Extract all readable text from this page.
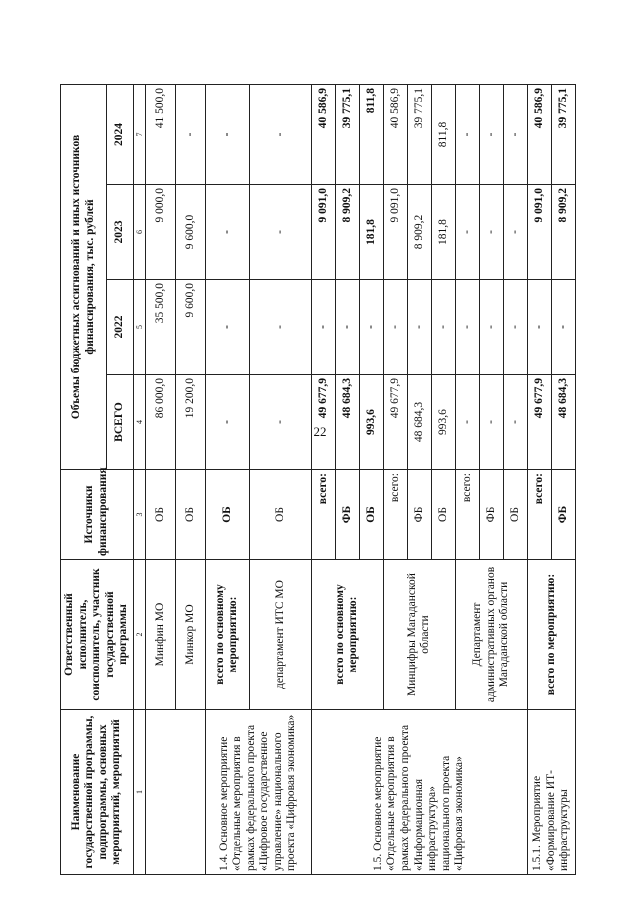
22
Наименование государственной программы, подпрограммы, основных мероприятий, мероприятий	Ответственный исполнитель, соисполнитель, участник государственной программы	Источники финансирования	Объемы бюджетных ассигнований и иных источников финансирования, тыс. рублей			
			ВСЕГО	2022	2023	2024
1	2	3	4	5	6	7
	Минфин МО	ОБ	86 000,0	35 500,0	9 000,0	41 500,0
	Минкор МО	ОБ	19 200,0	9 600,0	9 600,0	-
1.4. Основное мероприятие «Отдельные мероприятия в рамках федерального проекта «Цифровое государственное управление» национального проекта «Цифровая экономика»	всего по основному мероприятию:	ОБ	-	-	-	-
	департамент ИТС МО	ОБ	-	-	-	-
1.5. Основное мероприятие «Отдельные мероприятия в рамках федерального проекта «Информационная инфраструктура» национального проекта «Цифровая экономика»	всего по основному мероприятию:	всего:	49 677,9	-	9 091,0	40 586,9
		ФБ	48 684,3	-	8 909,2	39 775,1
		ОБ	993,6	-	181,8	811,8
	Минцифры Магаданской области	всего:	49 677,9	-	9 091,0	40 586,9
		ФБ	48 684,3	-	8 909,2	39 775,1
		ОБ	993,6	-	181,8	811,8
	Департамент административных органов Магаданской области	всего:	-	-	-	-
		ФБ	-	-	-	-
		ОБ	-	-	-	-
1.5.1. Мероприятие «Формирование ИТ-инфраструктуры	всего по мероприятию:	всего:	49 677,9	-	9 091,0	40 586,9
		ФБ	48 684,3	-	8 909,2	39 775,1
